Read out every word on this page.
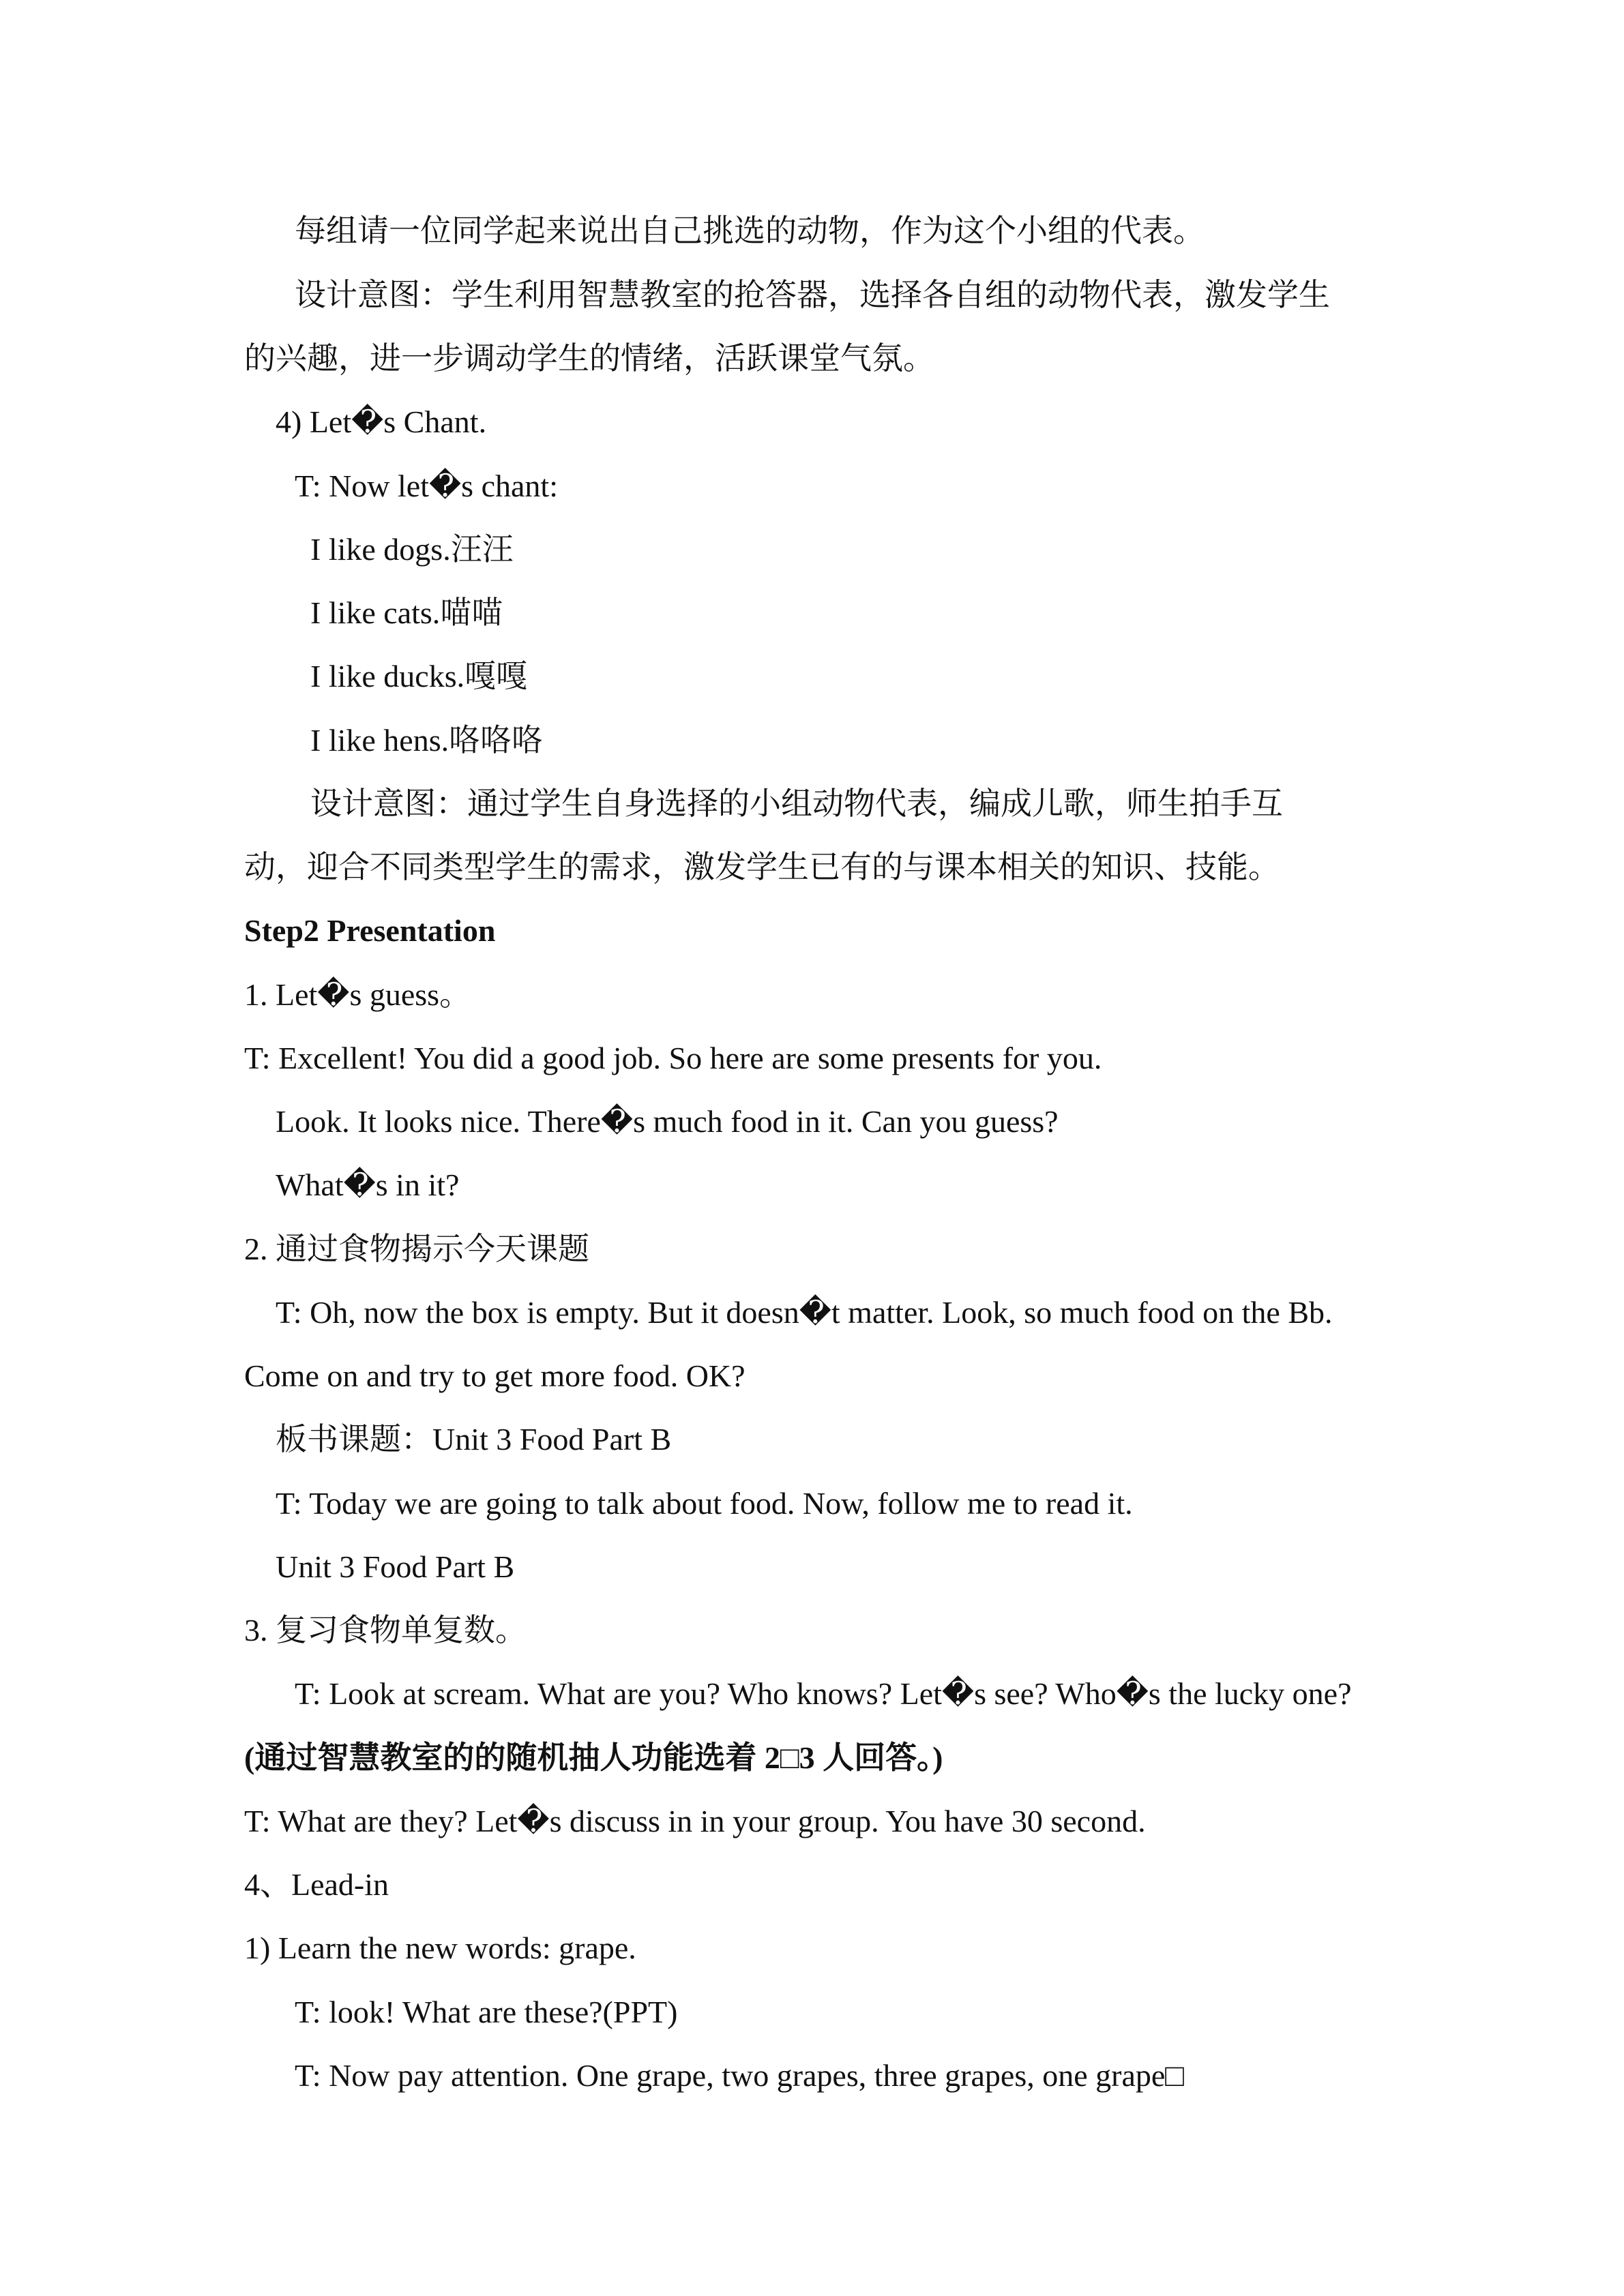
每组请一位同学起来说出自己挑选的动物，作为这个小组的代表。
设计意图：学生利用智慧教室的抢答器，选择各自组的动物代表，激发学生
的兴趣，进一步调动学生的情绪，活跃课堂气氛。
4) Let�s Chant.
T: Now let�s chant:
I like dogs.汪汪
I like cats.喵喵
I like ducks.嘎嘎
I like hens.咯咯咯
设计意图：通过学生自身选择的小组动物代表，编成儿歌，师生拍手互
动，迎合不同类型学生的需求，激发学生已有的与课本相关的知识、技能。
Step2 Presentation
1. Let�s guess。
T: Excellent! You did a good job. So here are some presents for you.
Look. It looks nice. There�s much food in it. Can you guess?
What�s in it?
2. 通过食物揭示今天课题
T: Oh, now the box is empty. But it doesn�t matter. Look, so much food on the Bb.
Come on and try to get more food. OK?
板书课题：Unit 3 Food Part B
T: Today we are going to talk about food. Now, follow me to read it.
Unit 3 Food Part B
3. 复习食物单复数。
T: Look at scream. What are you? Who knows? Let�s see? Who�s the lucky one?
(通过智慧教室的的随机抽人功能选着 2□3 人回答。)
T: What are they? Let�s discuss in in your group. You have 30 second.
4、Lead-in
1) Learn the new words: grape.
T: look! What are these?(PPT)
T: Now pay attention. One grape, two grapes, three grapes, one grape□
